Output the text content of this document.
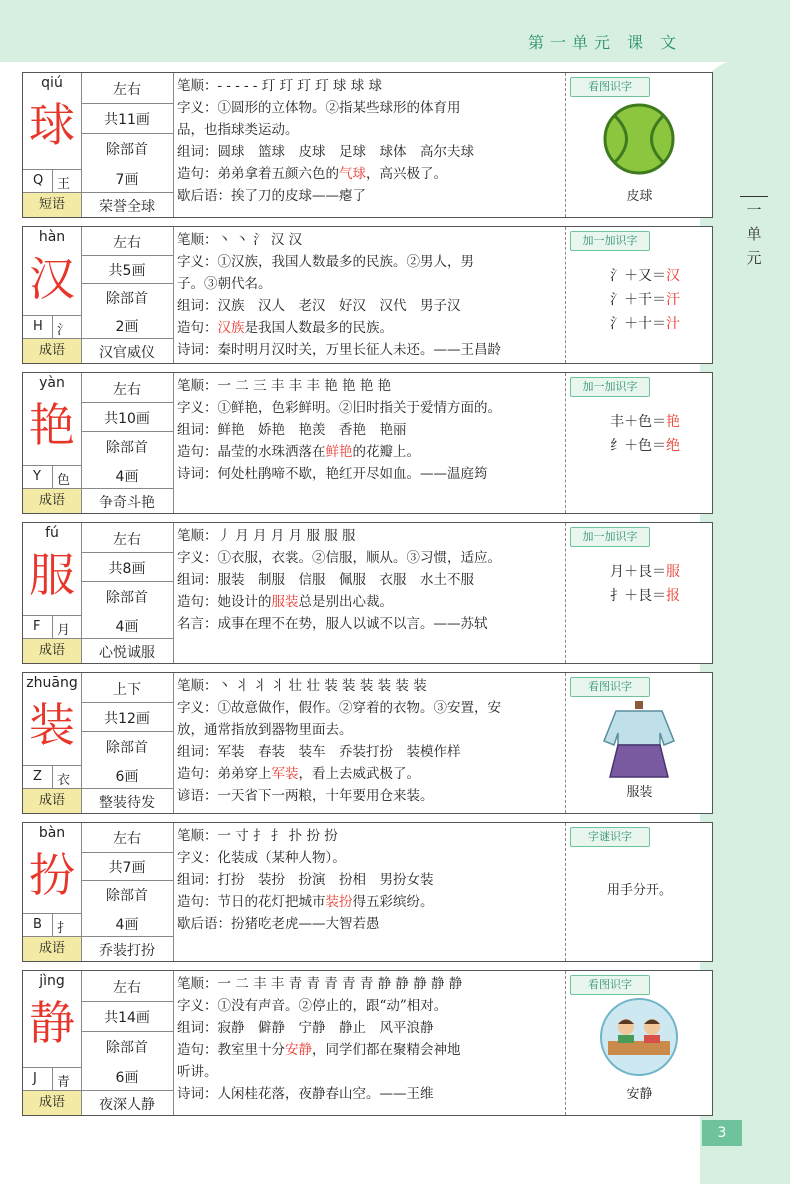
第一单元 课 文
一单元
3
qiú
球
Q 王
短语
左右
共11画
除部首
7画
荣誉全球
笔顺：‑ ‑ ‑ ‑ ‑ 玎 玎 玎 玎 球 球 球
字义：①圆形的立体物。②指某些球形的体育用
品，也指球类运动。
组词：圆球　篮球　皮球　足球　球体　高尔夫球
造句：弟弟拿着五颜六色的气球，高兴极了。
歇后语：挨了刀的皮球——瘪了
看图识字
皮球
hàn
汉
H 氵
成语
左右
共5画
除部首
2画
汉官威仪
笔顺：丶 丶 氵 汉 汉
字义：①汉族，我国人数最多的民族。②男人，男
子。③朝代名。
组词：汉族　汉人　老汉　好汉　汉代　男子汉
造句：汉族是我国人数最多的民族。
诗词：秦时明月汉时关，万里长征人未还。——王昌龄
加一加识字
氵＋又＝汉
氵＋干＝汗
氵＋十＝汁
yàn
艳
Y 色
成语
左右
共10画
除部首
4画
争奇斗艳
笔顺：一 二 三 丰 丰 丰 艳 艳 艳 艳
字义：①鲜艳，色彩鲜明。②旧时指关于爱情方面的。
组词：鲜艳　娇艳　艳羡　香艳　艳丽
造句：晶莹的水珠洒落在鲜艳的花瓣上。
诗词：何处杜鹃啼不歇，艳红开尽如血。——温庭筠
加一加识字
丰＋色＝艳
纟＋色＝绝
fú
服
F 月
成语
左右
共8画
除部首
4画
心悦诚服
笔顺：丿 月 月 月 月 服 服 服
字义：①衣服，衣裳。②信服，顺从。③习惯，适应。
组词：服装　制服　信服　佩服　衣服　水土不服
造句：她设计的服装总是别出心裁。
名言：成事在理不在势，服人以诚不以言。——苏轼
加一加识字
月＋艮＝服
扌＋艮＝报
zhuāng
装
Z 衣
成语
上下
共12画
除部首
6画
整装待发
笔顺：丶 丬 丬 丬 壮 壮 装 装 装 装 装 装
字义：①故意做作，假作。②穿着的衣物。③安置，安
放，通常指放到器物里面去。
组词：军装　春装　装车　乔装打扮　装模作样
造句：弟弟穿上军装，看上去威武极了。
谚语：一天省下一两粮，十年要用仓来装。
看图识字
服装
bàn
扮
B 扌
成语
左右
共7画
除部首
4画
乔装打扮
笔顺：一 寸 扌 扌 扑 扮 扮
字义：化装成（某种人物）。
组词：打扮　装扮　扮演　扮相　男扮女装
造句：节日的花灯把城市装扮得五彩缤纷。
歇后语：扮猪吃老虎——大智若愚
字谜识字
用手分开。
jìng
静
J 青
成语
左右
共14画
除部首
6画
夜深人静
笔顺：一 二 丰 丰 青 青 青 青 青 静 静 静 静 静
字义：①没有声音。②停止的，跟“动”相对。
组词：寂静　僻静　宁静　静止　风平浪静
造句：教室里十分安静，同学们都在聚精会神地
听讲。
诗词：人闲桂花落，夜静春山空。——王维
看图识字
安静
